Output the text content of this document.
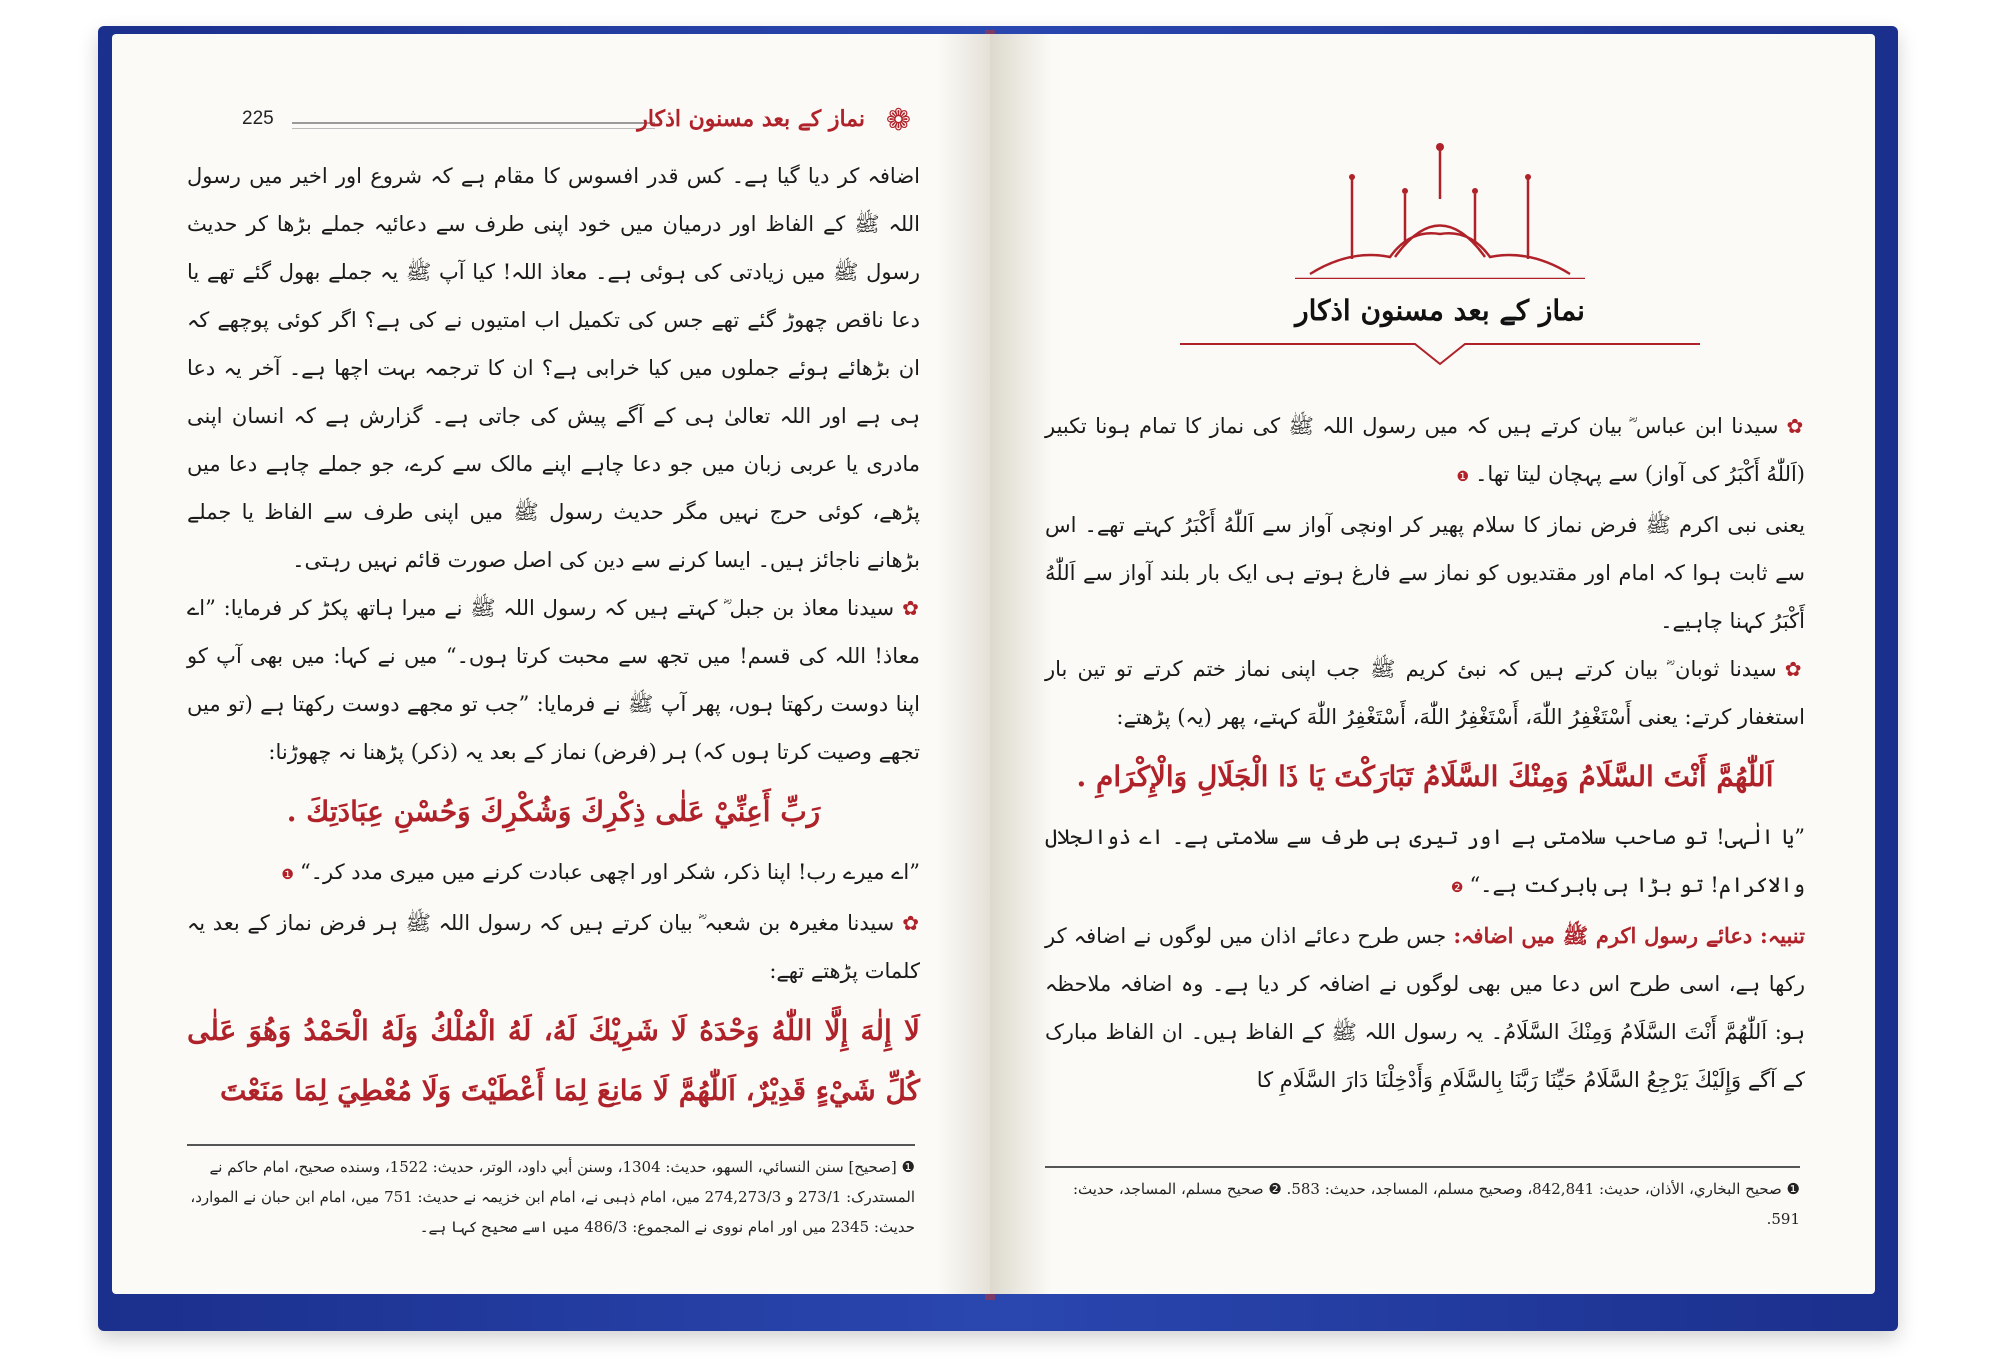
225	نماز کے بعد مسنون اذکار ❁

اضافہ کر دیا گیا ہے۔ کس قدر افسوس کا مقام ہے کہ شروع اور اخیر میں رسول اللہ ﷺ کے الفاظ اور درمیان میں خود اپنی طرف سے دعائیہ جملے بڑھا کر حدیث رسول ﷺ میں زیادتی کی ہوئی ہے۔ معاذ اللہ! کیا آپ ﷺ یہ جملے بھول گئے تھے یا دعا ناقص چھوڑ گئے تھے جس کی تکمیل اب امتیوں نے کی ہے؟ اگر کوئی پوچھے کہ ان بڑھائے ہوئے جملوں میں کیا خرابی ہے؟ ان کا ترجمہ بہت اچھا ہے۔ آخر یہ دعا ہی ہے اور اللہ تعالیٰ ہی کے آگے پیش کی جاتی ہے۔ گزارش ہے کہ انسان اپنی مادری یا عربی زبان میں جو دعا چاہے اپنے مالک سے کرے، جو جملے چاہے دعا میں پڑھے، کوئی حرج نہیں مگر حدیث رسول ﷺ میں اپنی طرف سے الفاظ یا جملے بڑھانے ناجائز ہیں۔ ایسا کرنے سے دین کی اصل صورت قائم نہیں رہتی۔

✿سیدنا معاذ بن جبل ؓ کہتے ہیں کہ رسول اللہ ﷺ نے میرا ہاتھ پکڑ کر فرمایا: ”اے معاذ! اللہ کی قسم! میں تجھ سے محبت کرتا ہوں۔“ میں نے کہا: میں بھی آپ کو اپنا دوست رکھتا ہوں، پھر آپ ﷺ نے فرمایا: ”جب تو مجھے دوست رکھتا ہے (تو میں تجھے وصیت کرتا ہوں کہ) ہر (فرض) نماز کے بعد یہ (ذکر) پڑھنا نہ چھوڑنا:

رَبِّ أَعِنِّيْ عَلٰى ذِكْرِكَ وَشُكْرِكَ وَحُسْنِ عِبَادَتِكَ .

”اے میرے رب! اپنا ذکر، شکر اور اچھی عبادت کرنے میں میری مدد کر۔“❶

✿سیدنا مغیرہ بن شعبہ ؓ بیان کرتے ہیں کہ رسول اللہ ﷺ ہر فرض نماز کے بعد یہ کلمات پڑھتے تھے:

لَا إِلٰهَ إِلَّا اللّٰهُ وَحْدَهُ لَا شَرِيْكَ لَهُ، لَهُ الْمُلْكُ وَلَهُ الْحَمْدُ وَهُوَ عَلٰى كُلِّ شَيْءٍ قَدِيْرٌ، اَللّٰهُمَّ لَا مَانِعَ لِمَا أَعْطَيْتَ وَلَا مُعْطِيَ لِمَا مَنَعْتَ

❶ [صحیح] سنن النسائي، السهو، حدیث: 1304، وسنن أبي داود، الوتر، حدیث: 1522، وسنده صحيح، امام حاکم نے المستدرک: 273/1 و 274,273/3 میں، امام ذہبی نے، امام ابن خزیمہ نے حدیث: 751 میں، امام ابن حبان نے الموارد، حدیث: 2345 میں اور امام نووی نے المجموع: 486/3 میں اسے صحیح کہا ہے۔

نماز کے بعد مسنون اذکار

✿سیدنا ابن عباس ؓ بیان کرتے ہیں کہ میں رسول اللہ ﷺ کی نماز کا تمام ہونا تکبیر (اَللّٰهُ أَكْبَرُ کی آواز) سے پہچان لیتا تھا۔❶

یعنی نبی اکرم ﷺ فرض نماز کا سلام پھیر کر اونچی آواز سے اَللّٰهُ أَكْبَرُ کہتے تھے۔ اس سے ثابت ہوا کہ امام اور مقتدیوں کو نماز سے فارغ ہوتے ہی ایک بار بلند آواز سے اَللّٰهُ أَكْبَرُ کہنا چاہیے۔

✿سیدنا ثوبان ؓ بیان کرتے ہیں کہ نبئ کریم ﷺ جب اپنی نماز ختم کرتے تو تین بار استغفار کرتے: یعنی أَسْتَغْفِرُ اللّٰهَ، أَسْتَغْفِرُ اللّٰهَ، أَسْتَغْفِرُ اللّٰهَ کہتے، پھر (یہ) پڑھتے:

اَللّٰهُمَّ أَنْتَ السَّلَامُ وَمِنْكَ السَّلَامُ تَبَارَكْتَ يَا ذَا الْجَلَالِ وَالْإِكْرَامِ .

”یا الٰہی! تو صاحب سلامتی ہے اور تیری ہی طرف سے سلامتی ہے۔ اے ذوالجلال والاکرام! تو بڑا ہی بابرکت ہے۔“❷

تنبیہ: دعائے رسول اکرم ﷺ میں اضافہ: جس طرح دعائے اذان میں لوگوں نے اضافہ کر رکھا ہے، اسی طرح اس دعا میں بھی لوگوں نے اضافہ کر دیا ہے۔ وہ اضافہ ملاحظہ ہو: اَللّٰهُمَّ أَنْتَ السَّلَامُ وَمِنْكَ السَّلَامُ۔ یہ رسول اللہ ﷺ کے الفاظ ہیں۔ ان الفاظ مبارک کے آگے وَإِلَيْكَ يَرْجِعُ السَّلَامُ حَيِّنَا رَبَّنَا بِالسَّلَامِ وَأَدْخِلْنَا دَارَ السَّلَامِ کا

❶ صحيح البخاري، الأذان، حديث: 842,841، وصحيح مسلم، المساجد، حديث: 583. ❷ صحيح مسلم، المساجد، حديث: 591.
